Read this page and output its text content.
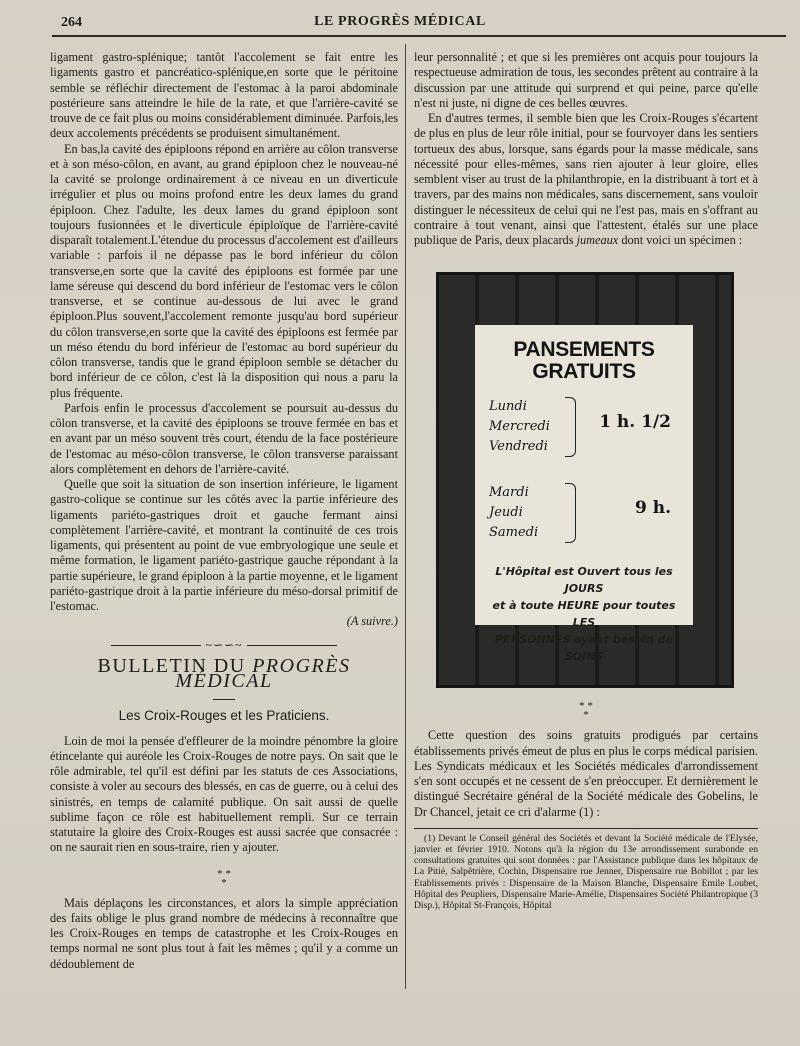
264	LE PROGRÈS MÉDICAL

ligament gastro-splénique; tantôt l'accolement se fait entre les ligaments gastro et pancréatico-splénique,en sorte que le péritoine semble se réfléchir directement de l'estomac à la paroi abdominale postérieure sans atteindre le hile de la rate, et que l'arrière-cavité se trouve de ce fait plus ou moins considérablement diminuée. Parfois,les deux accolements précédents se produisent simultanément.

En bas,la cavité des épiploons répond en arrière au côlon transverse et à son méso-côlon, en avant, au grand épiploon chez le nouveau-né la cavité se prolonge ordinairement à ce niveau en un diverticule irrégulier et plus ou moins profond entre les deux lames du grand épiploon. Chez l'adulte, les deux lames du grand épiploon sont toujours fusionnées et le diverticule épiploïque de l'arrière-cavité disparaît totalement.L'étendue du processus d'accolement est d'ailleurs variable : parfois il ne dépasse pas le bord inférieur du côlon transverse,en sorte que la cavité des épiploons est formée par une lame séreuse qui descend du bord inférieur de l'estomac vers le côlon transverse, et se continue au-dessous de lui avec le grand épiploon.Plus souvent,l'accolement remonte jusqu'au bord supérieur du côlon transverse,en sorte que la cavité des épiploons est fermée par un méso étendu du bord inférieur de l'estomac au bord supérieur du côlon transverse, tandis que le grand épiploon semble se détacher du bord inférieur de ce côlon, c'est là la disposition qui nous a paru la plus fréquente.

Parfois enfin le processus d'accolement se poursuit au-dessus du côlon transverse, et la cavité des épiploons se trouve fermée en bas et en avant par un méso souvent très court, étendu de la face postérieure de l'estomac au méso-côlon transverse, le côlon transverse paraissant alors complètement en dehors de l'arrière-cavité.

Quelle que soit la situation de son insertion inférieure, le ligament gastro-colique se continue sur les côtés avec la partie inférieure des ligaments pariéto-gastriques droit et gauche fermant ainsi complètement l'arrière-cavité, et montrant la continuité de ces trois ligaments, qui présentent au point de vue embryologique une seule et même formation, le ligament pariéto-gastrique gauche répondant à la partie supérieure, le grand épiploon à la partie moyenne, et le ligament pariéto-gastrique droit à la partie inférieure du méso-dorsal primitif de l'estomac.

(A suivre.)
~∽∽~
BULLETIN DU PROGRÈS MÉDICAL
Les Croix-Rouges et les Praticiens.

Loin de moi la pensée d'effleurer de la moindre pénombre la gloire étincelante qui auréole les Croix-Rouges de notre pays. On sait que le rôle admirable, tel qu'il est défini par les statuts de ces Associations, consiste à voler au secours des blessés, en cas de guerre, ou à celui des sinistrés, en temps de calamité publique. On sait aussi de quelle sublime façon ce rôle est habituellement rempli. Sur ce terrain statutaire la gloire des Croix-Rouges est aussi sacrée que consacrée : on ne saurait rien en sous-traire, rien y ajouter.

* *
*

Mais déplaçons les circonstances, et alors la simple appréciation des faits oblige le plus grand nombre de médecins à reconnaître que les Croix-Rouges en temps de catastrophe et les Croix-Rouges en temps normal ne sont plus tout à fait les mêmes ; qu'il y a comme un dédoublement de

leur personnalité ; et que si les premières ont acquis pour toujours la respectueuse admiration de tous, les secondes prêtent au contraire à la discussion par une attitude qui surprend et qui peine, parce qu'elle n'est ni juste, ni digne de ces belles œuvres.

En d'autres termes, il semble bien que les Croix-Rouges s'écartent de plus en plus de leur rôle initial, pour se fourvoyer dans les sentiers tortueux des abus, lorsque, sans égards pour la masse médicale, sans nécessité pour elles-mêmes, sans rien ajouter à leur gloire, elles semblent viser au trust de la philanthropie, en la distribuant à tort et à travers, par des mains non médicales, sans discernement, sans vouloir distinguer le nécessiteux de celui qui ne l'est pas, mais en s'offrant au contraire à tout venant, ainsi que l'attestent, étalés sur une place publique de Paris, deux placards jumeaux dont voici un spécimen :

PANSEMENTS GRATUITS
Lundi
Mercredi
Vendredi
1 h. 1/2
Mardi
Jeudi
Samedi
9 h.
L'Hôpital est Ouvert tous les JOURS
et à toute HEURE pour toutes LES
PERSONNES ayant besoin de SOINS
* *
*

Cette question des soins gratuits prodigués par certains établissements privés émeut de plus en plus le corps médical parisien. Les Syndicats médicaux et les Sociétés médicales d'arrondissement s'en sont occupés et ne cessent de s'en préoccuper. Et dernièrement le distingué Secrétaire général de la Société médicale des Gobelins, le Dr Chancel, jetait ce cri d'alarme (1) :

(1) Devant le Conseil général des Sociétés et devant la Société médicale de l'Elysée, janvier et février 1910. Notons qu'à la région du 13e arrondissement surabonde en consultations gratuites qui sont données : par l'Assistance publique dans les hôpitaux de La Pitié, Salpêtrière, Cochin, Dispensaire rue Jenner, Dispensaire rue Bobillot ; par les Etablissements privés : Dispensaire de la Maison Blanche, Dispensaire Emile Loubet, Hôpital des Peupliers, Dispensaire Marie-Amélie, Dispensaires Société Philantropique (3 Disp.), Hôpital St-François, Hôpital
